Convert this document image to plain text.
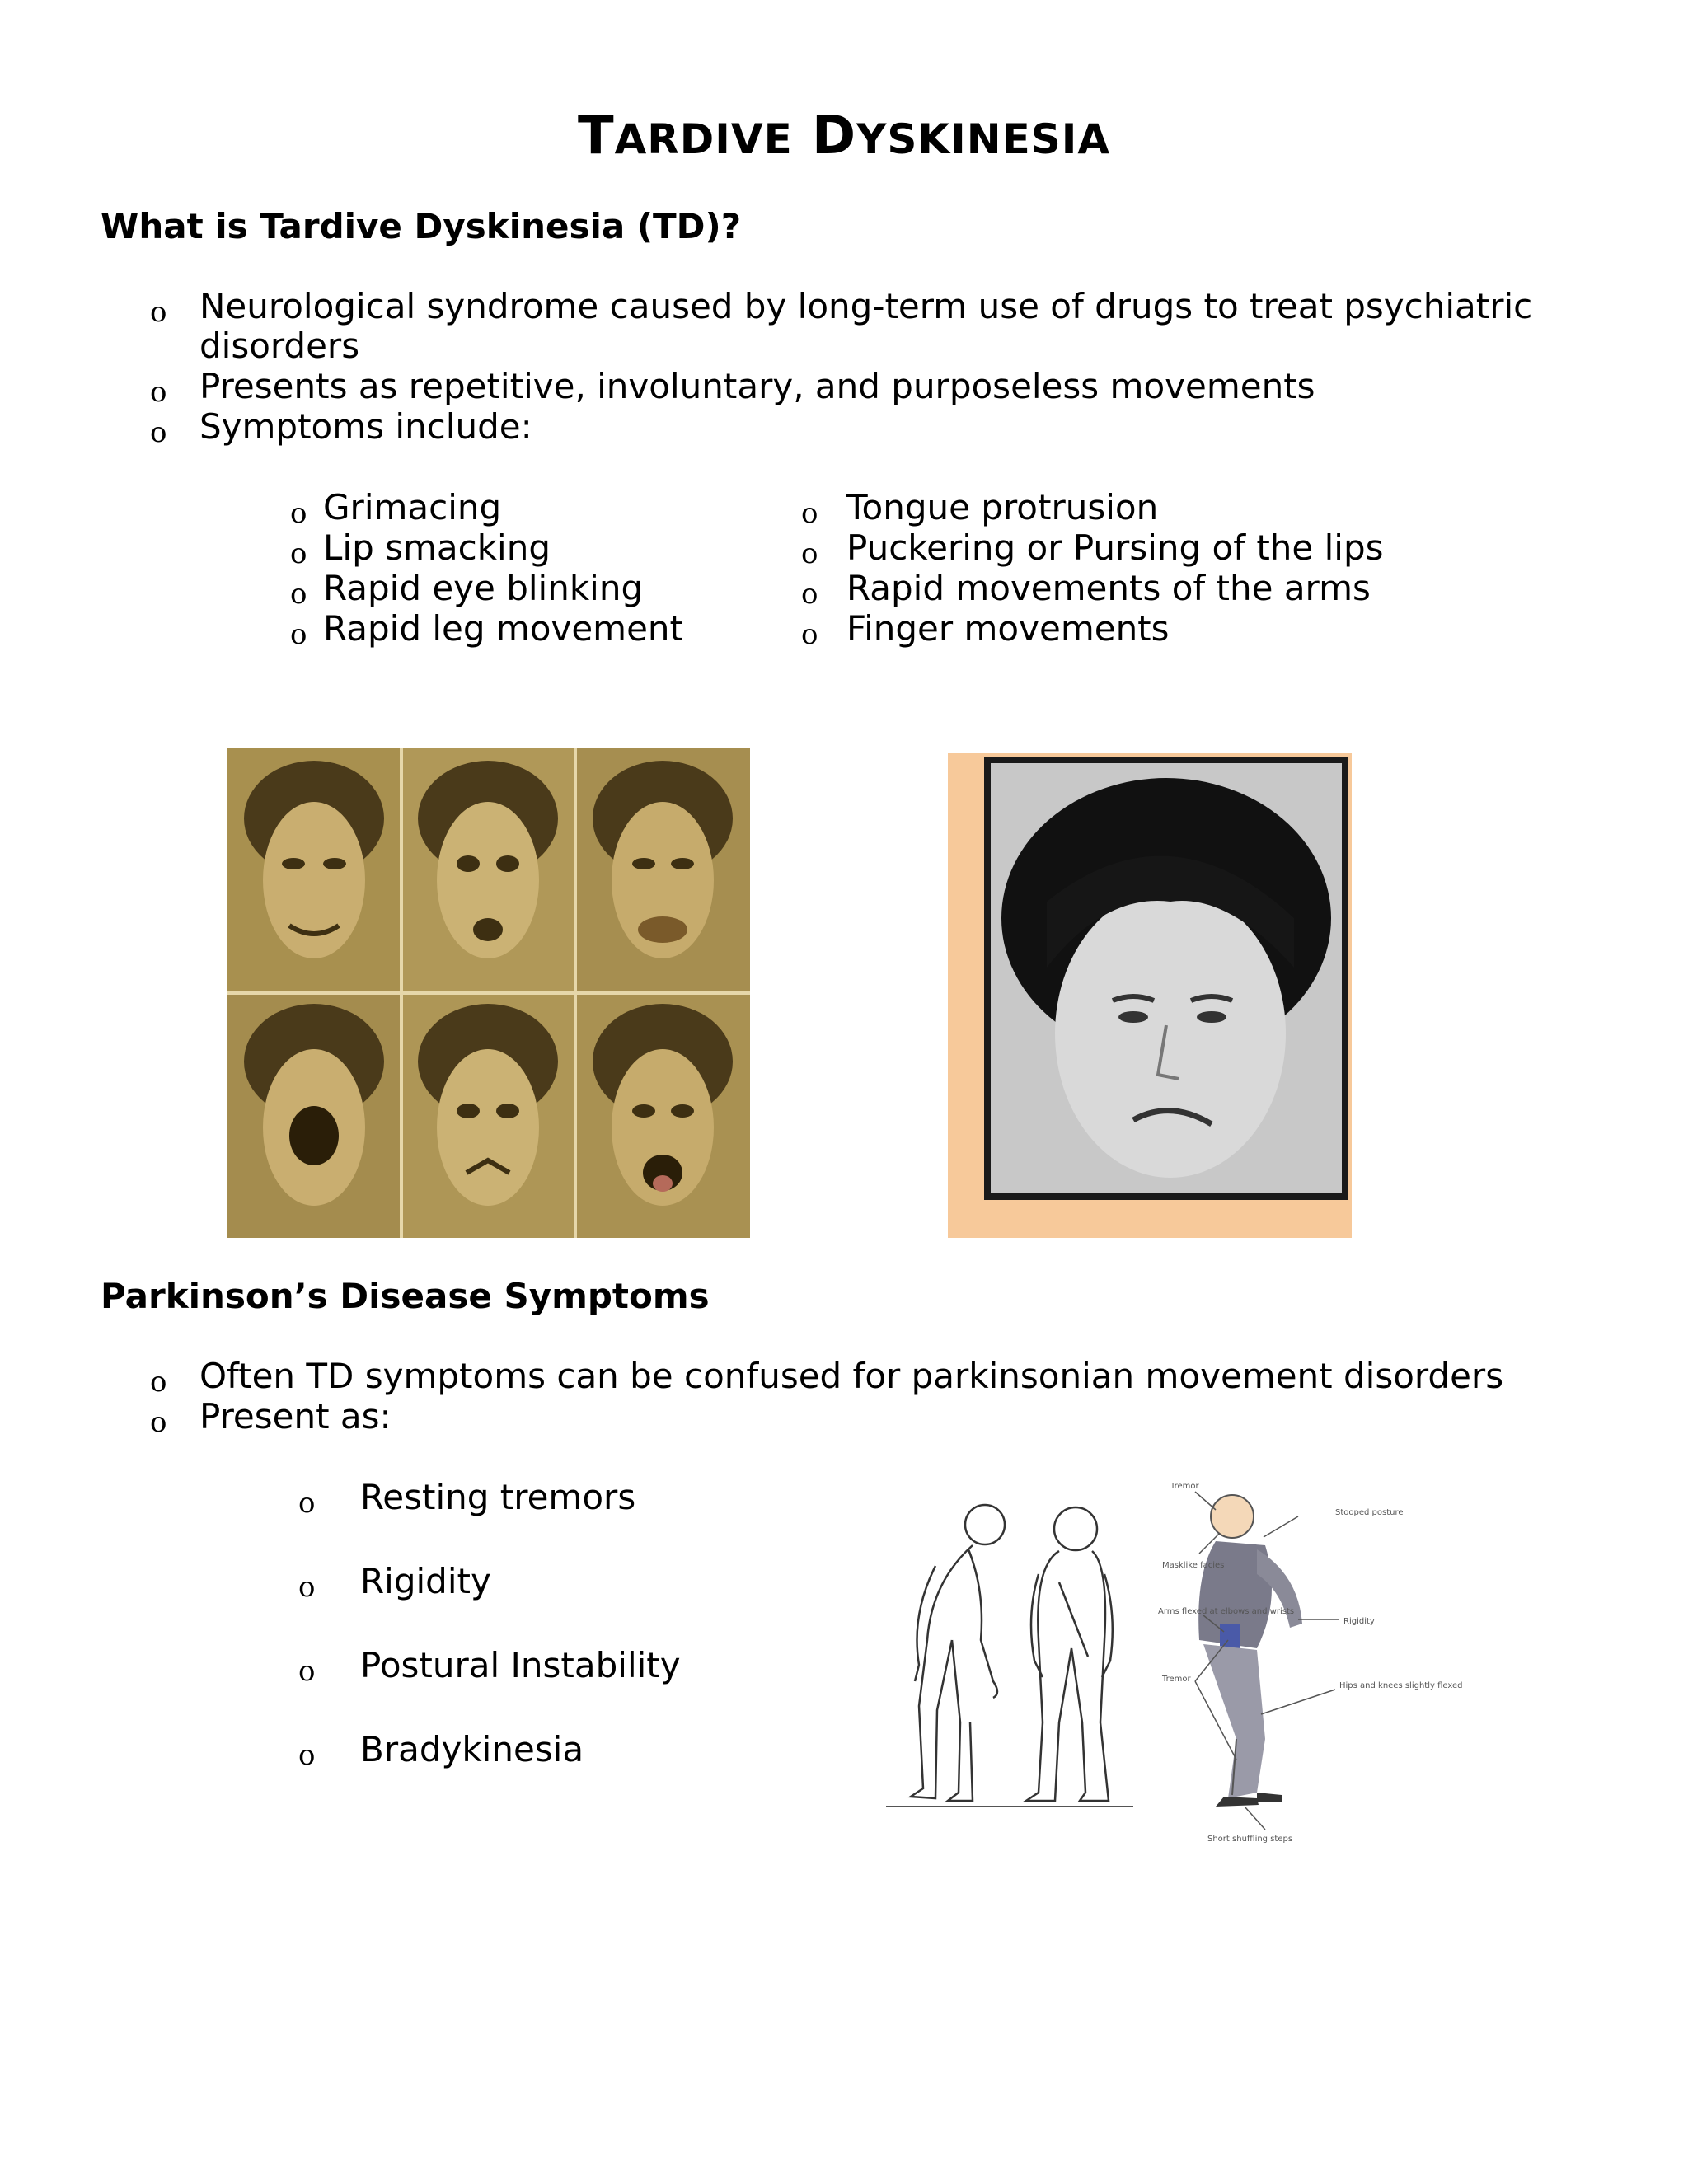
TARDIVE DYSKINESIA
What is Tardive Dyskinesia (TD)?
o Neurological syndrome caused by long-term use of drugs to treat psychiatric
disorders
o Presents as repetitive, involuntary, and purposeless movements
o Symptoms include:
o Grimacing
o Lip smacking
o Rapid eye blinking
o Rapid leg movement
o Tongue protrusion
o Puckering or Pursing of the lips
o Rapid movements of the arms
o Finger movements
Parkinson’s Disease Symptoms
o Often TD symptoms can be confused for parkinsonian movement disorders
o Present as:
o Resting tremors
o Rigidity
o Postural Instability
o Bradykinesia
Tremor
Masklike facies
Stooped posture
Arms flexed at elbows and wrists
Rigidity
Tremor
Hips and knees slightly flexed
Short shuffling steps
